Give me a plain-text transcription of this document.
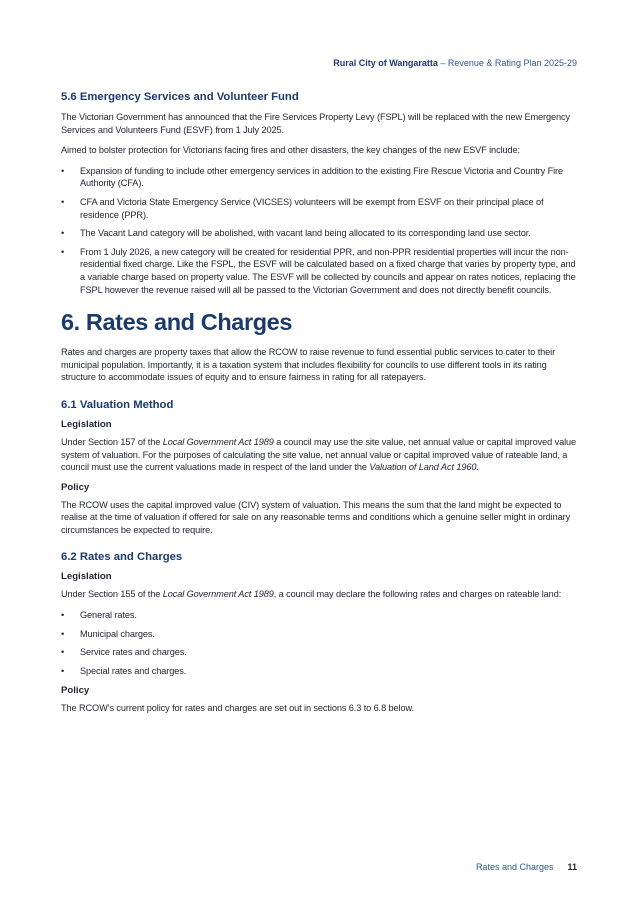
Rural City of Wangaratta – Revenue & Rating Plan 2025-29
5.6 Emergency Services and Volunteer Fund

The Victorian Government has announced that the Fire Services Property Levy (FSPL) will be replaced with the new Emergency Services and Volunteers Fund (ESVF) from 1 July 2025.

Aimed to bolster protection for Victorians facing fires and other disasters, the key changes of the new ESVF include:

• Expansion of funding to include other emergency services in addition to the existing Fire Rescue Victoria and Country Fire Authority (CFA).
• CFA and Victoria State Emergency Service (VICSES) volunteers will be exempt from ESVF on their principal place of residence (PPR).
• The Vacant Land category will be abolished, with vacant land being allocated to its corresponding land use sector.
• From 1 July 2026, a new category will be created for residential PPR, and non-PPR residential properties will incur the non-residential fixed charge. Like the FSPL, the ESVF will be calculated based on a fixed charge that varies by property type, and a variable charge based on property value. The ESVF will be collected by councils and appear on rates notices, replacing the FSPL however the revenue raised will all be passed to the Victorian Government and does not directly benefit councils.
6. Rates and Charges

Rates and charges are property taxes that allow the RCOW to raise revenue to fund essential public services to cater to their municipal population. Importantly, it is a taxation system that includes flexibility for councils to use different tools in its rating structure to accommodate issues of equity and to ensure fairness in rating for all ratepayers.

6.1 Valuation Method
Legislation

Under Section 157 of the Local Government Act 1989 a council may use the site value, net annual value or capital improved value system of valuation. For the purposes of calculating the site value, net annual value or capital improved value of rateable land, a council must use the current valuations made in respect of the land under the Valuation of Land Act 1960.

Policy

The RCOW uses the capital improved value (CIV) system of valuation. This means the sum that the land might be expected to realise at the time of valuation if offered for sale on any reasonable terms and conditions which a genuine seller might in ordinary circumstances be expected to require.

6.2 Rates and Charges
Legislation

Under Section 155 of the Local Government Act 1989, a council may declare the following rates and charges on rateable land:

• General rates.
• Municipal charges.
• Service rates and charges.
• Special rates and charges.
Policy

The RCOW’s current policy for rates and charges are set out in sections 6.3 to 6.8 below.

Rates and Charges 11
